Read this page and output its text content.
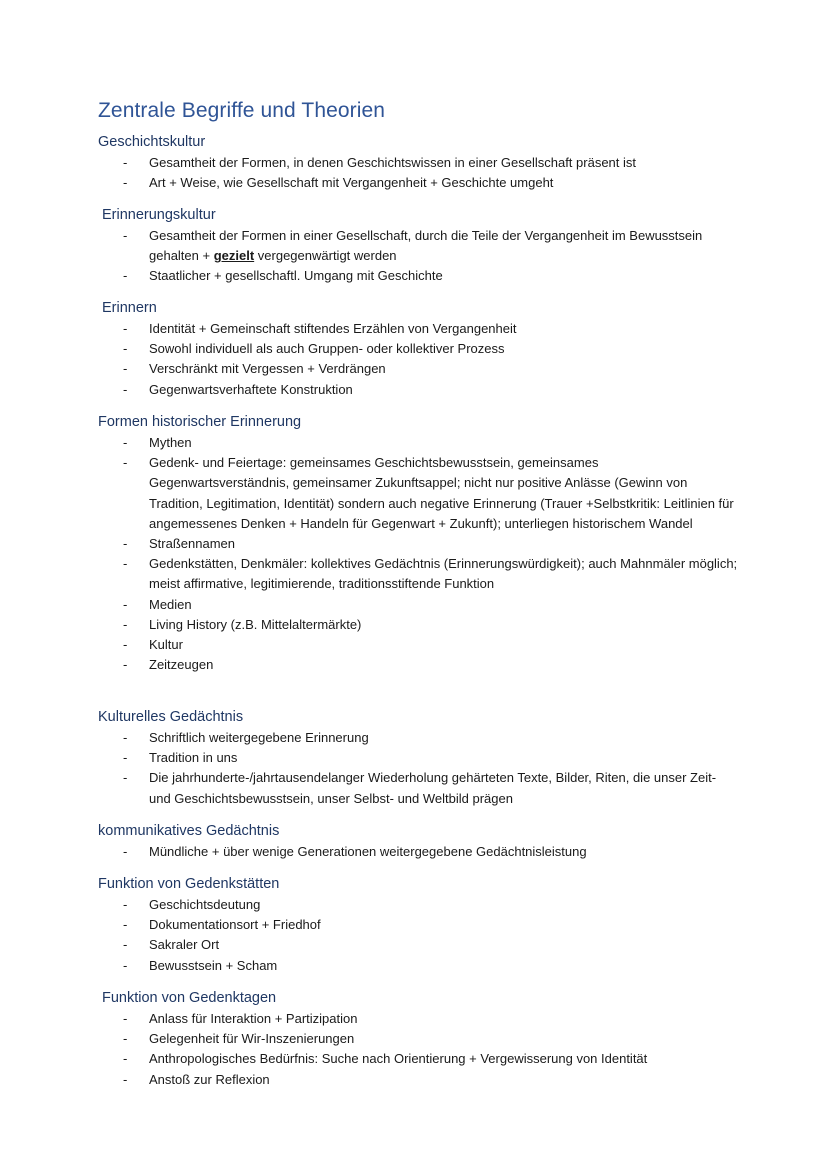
Zentrale Begriffe und Theorien
Geschichtskultur
- Gesamtheit der Formen, in denen Geschichtswissen in einer Gesellschaft präsent ist
- Art + Weise, wie Gesellschaft mit Vergangenheit + Geschichte umgeht
Erinnerungskultur
- Gesamtheit der Formen in einer Gesellschaft, durch die Teile der Vergangenheit im Bewusstsein gehalten + gezielt vergegenwärtigt werden
- Staatlicher + gesellschaftl. Umgang mit Geschichte
Erinnern
- Identität + Gemeinschaft stiftendes Erzählen von Vergangenheit
- Sowohl individuell als auch Gruppen- oder kollektiver Prozess
- Verschränkt mit Vergessen + Verdrängen
- Gegenwartsverhaftete Konstruktion
Formen historischer Erinnerung
- Mythen
- Gedenk- und Feiertage: gemeinsames Geschichtsbewusstsein, gemeinsames Gegenwartsverständnis, gemeinsamer Zukunftsappel; nicht nur positive Anlässe (Gewinn von Tradition, Legitimation, Identität) sondern auch negative Erinnerung (Trauer +Selbstkritik: Leitlinien für angemessenes Denken + Handeln für Gegenwart + Zukunft); unterliegen historischem Wandel
- Straßennamen
- Gedenkstätten, Denkmäler: kollektives Gedächtnis (Erinnerungswürdigkeit); auch Mahnmäler möglich; meist affirmative, legitimierende, traditionsstiftende Funktion
- Medien
- Living History (z.B. Mittelaltermärkte)
- Kultur
- Zeitzeugen
Kulturelles Gedächtnis
- Schriftlich weitergegebene Erinnerung
- Tradition in uns
- Die jahrhunderte-/jahrtausendelanger Wiederholung gehärteten Texte, Bilder, Riten, die unser Zeit- und Geschichtsbewusstsein, unser Selbst- und Weltbild prägen
kommunikatives Gedächtnis
- Mündliche + über wenige Generationen weitergegebene Gedächtnisleistung
Funktion von Gedenkstätten
- Geschichtsdeutung
- Dokumentationsort + Friedhof
- Sakraler Ort
- Bewusstsein + Scham
Funktion von Gedenktagen
- Anlass für Interaktion + Partizipation
- Gelegenheit für Wir-Inszenierungen
- Anthropologisches Bedürfnis: Suche nach Orientierung + Vergewisserung von Identität
- Anstoß zur Reflexion
